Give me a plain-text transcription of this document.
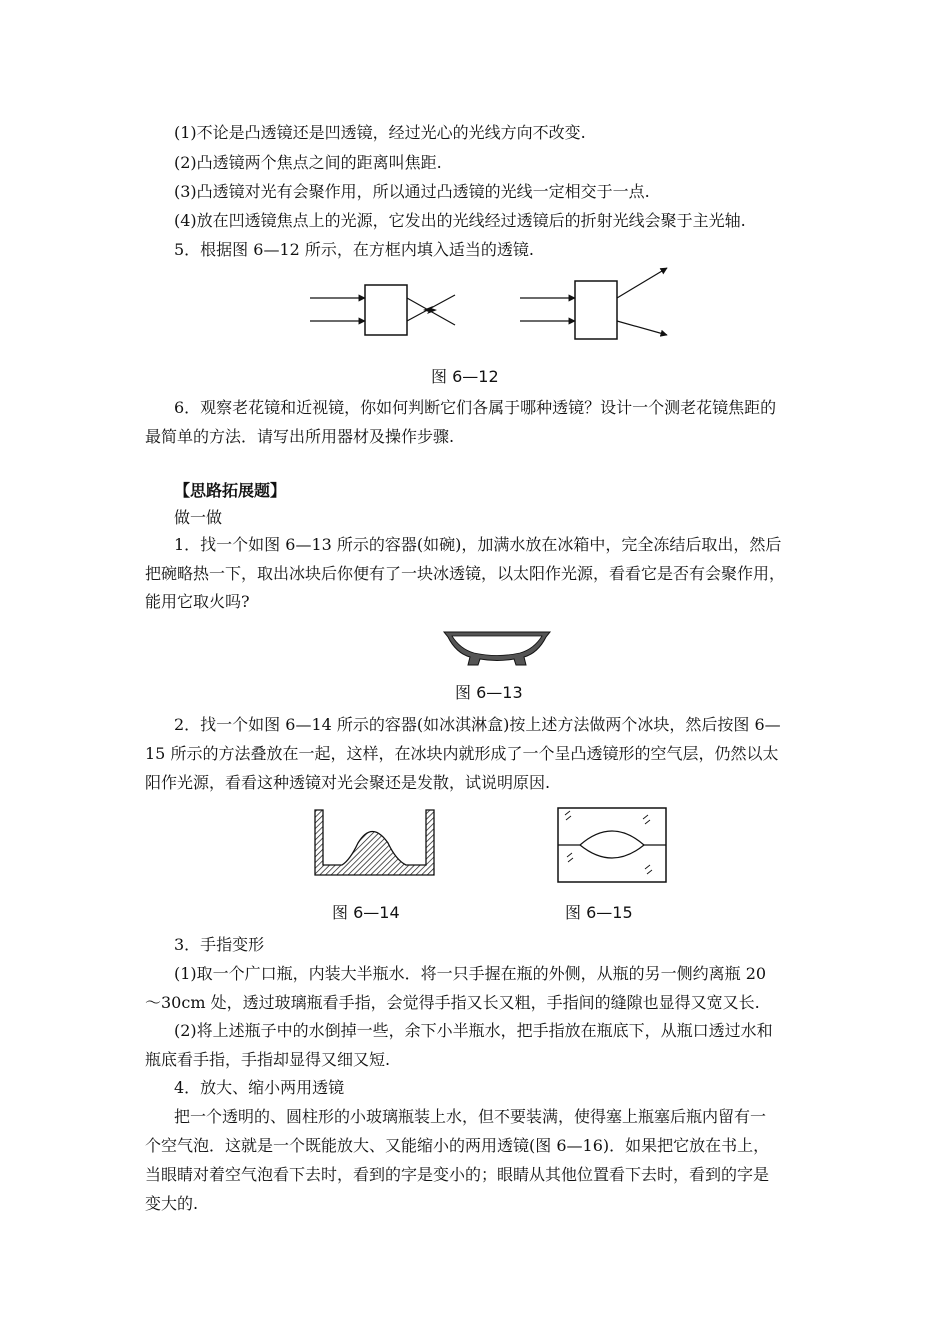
(1)不论是凸透镜还是凹透镜，经过光心的光线方向不改变.
(2)凸透镜两个焦点之间的距离叫焦距.
(3)凸透镜对光有会聚作用，所以通过凸透镜的光线一定相交于一点.
(4)放在凹透镜焦点上的光源，它发出的光线经过透镜后的折射光线会聚于主光轴.
5．根据图 6—12 所示，在方框内填入适当的透镜.
图 6—12
6．观察老花镜和近视镜，你如何判断它们各属于哪种透镜？设计一个测老花镜焦距的
最简单的方法．请写出所用器材及操作步骤.
【思路拓展题】
做一做
1．找一个如图 6—13 所示的容器(如碗)，加满水放在冰箱中，完全冻结后取出，然后
把碗略热一下，取出冰块后你便有了一块冰透镜，以太阳作光源，看看它是否有会聚作用，
能用它取火吗?
图 6—13
2．找一个如图 6—14 所示的容器(如冰淇淋盒)按上述方法做两个冰块，然后按图 6—
15 所示的方法叠放在一起，这样，在冰块内就形成了一个呈凸透镜形的空气层，仍然以太
阳作光源，看看这种透镜对光会聚还是发散，试说明原因.
图 6—14	图 6—15
3．手指变形
(1)取一个广口瓶，内装大半瓶水．将一只手握在瓶的外侧，从瓶的另一侧约离瓶 20
～30cm 处，透过玻璃瓶看手指，会觉得手指又长又粗，手指间的缝隙也显得又宽又长.
(2)将上述瓶子中的水倒掉一些，余下小半瓶水，把手指放在瓶底下，从瓶口透过水和
瓶底看手指，手指却显得又细又短.
4．放大、缩小两用透镜
把一个透明的、圆柱形的小玻璃瓶装上水，但不要装满，使得塞上瓶塞后瓶内留有一
个空气泡．这就是一个既能放大、又能缩小的两用透镜(图 6—16)．如果把它放在书上，
当眼睛对着空气泡看下去时，看到的字是变小的；眼睛从其他位置看下去时，看到的字是
变大的.
